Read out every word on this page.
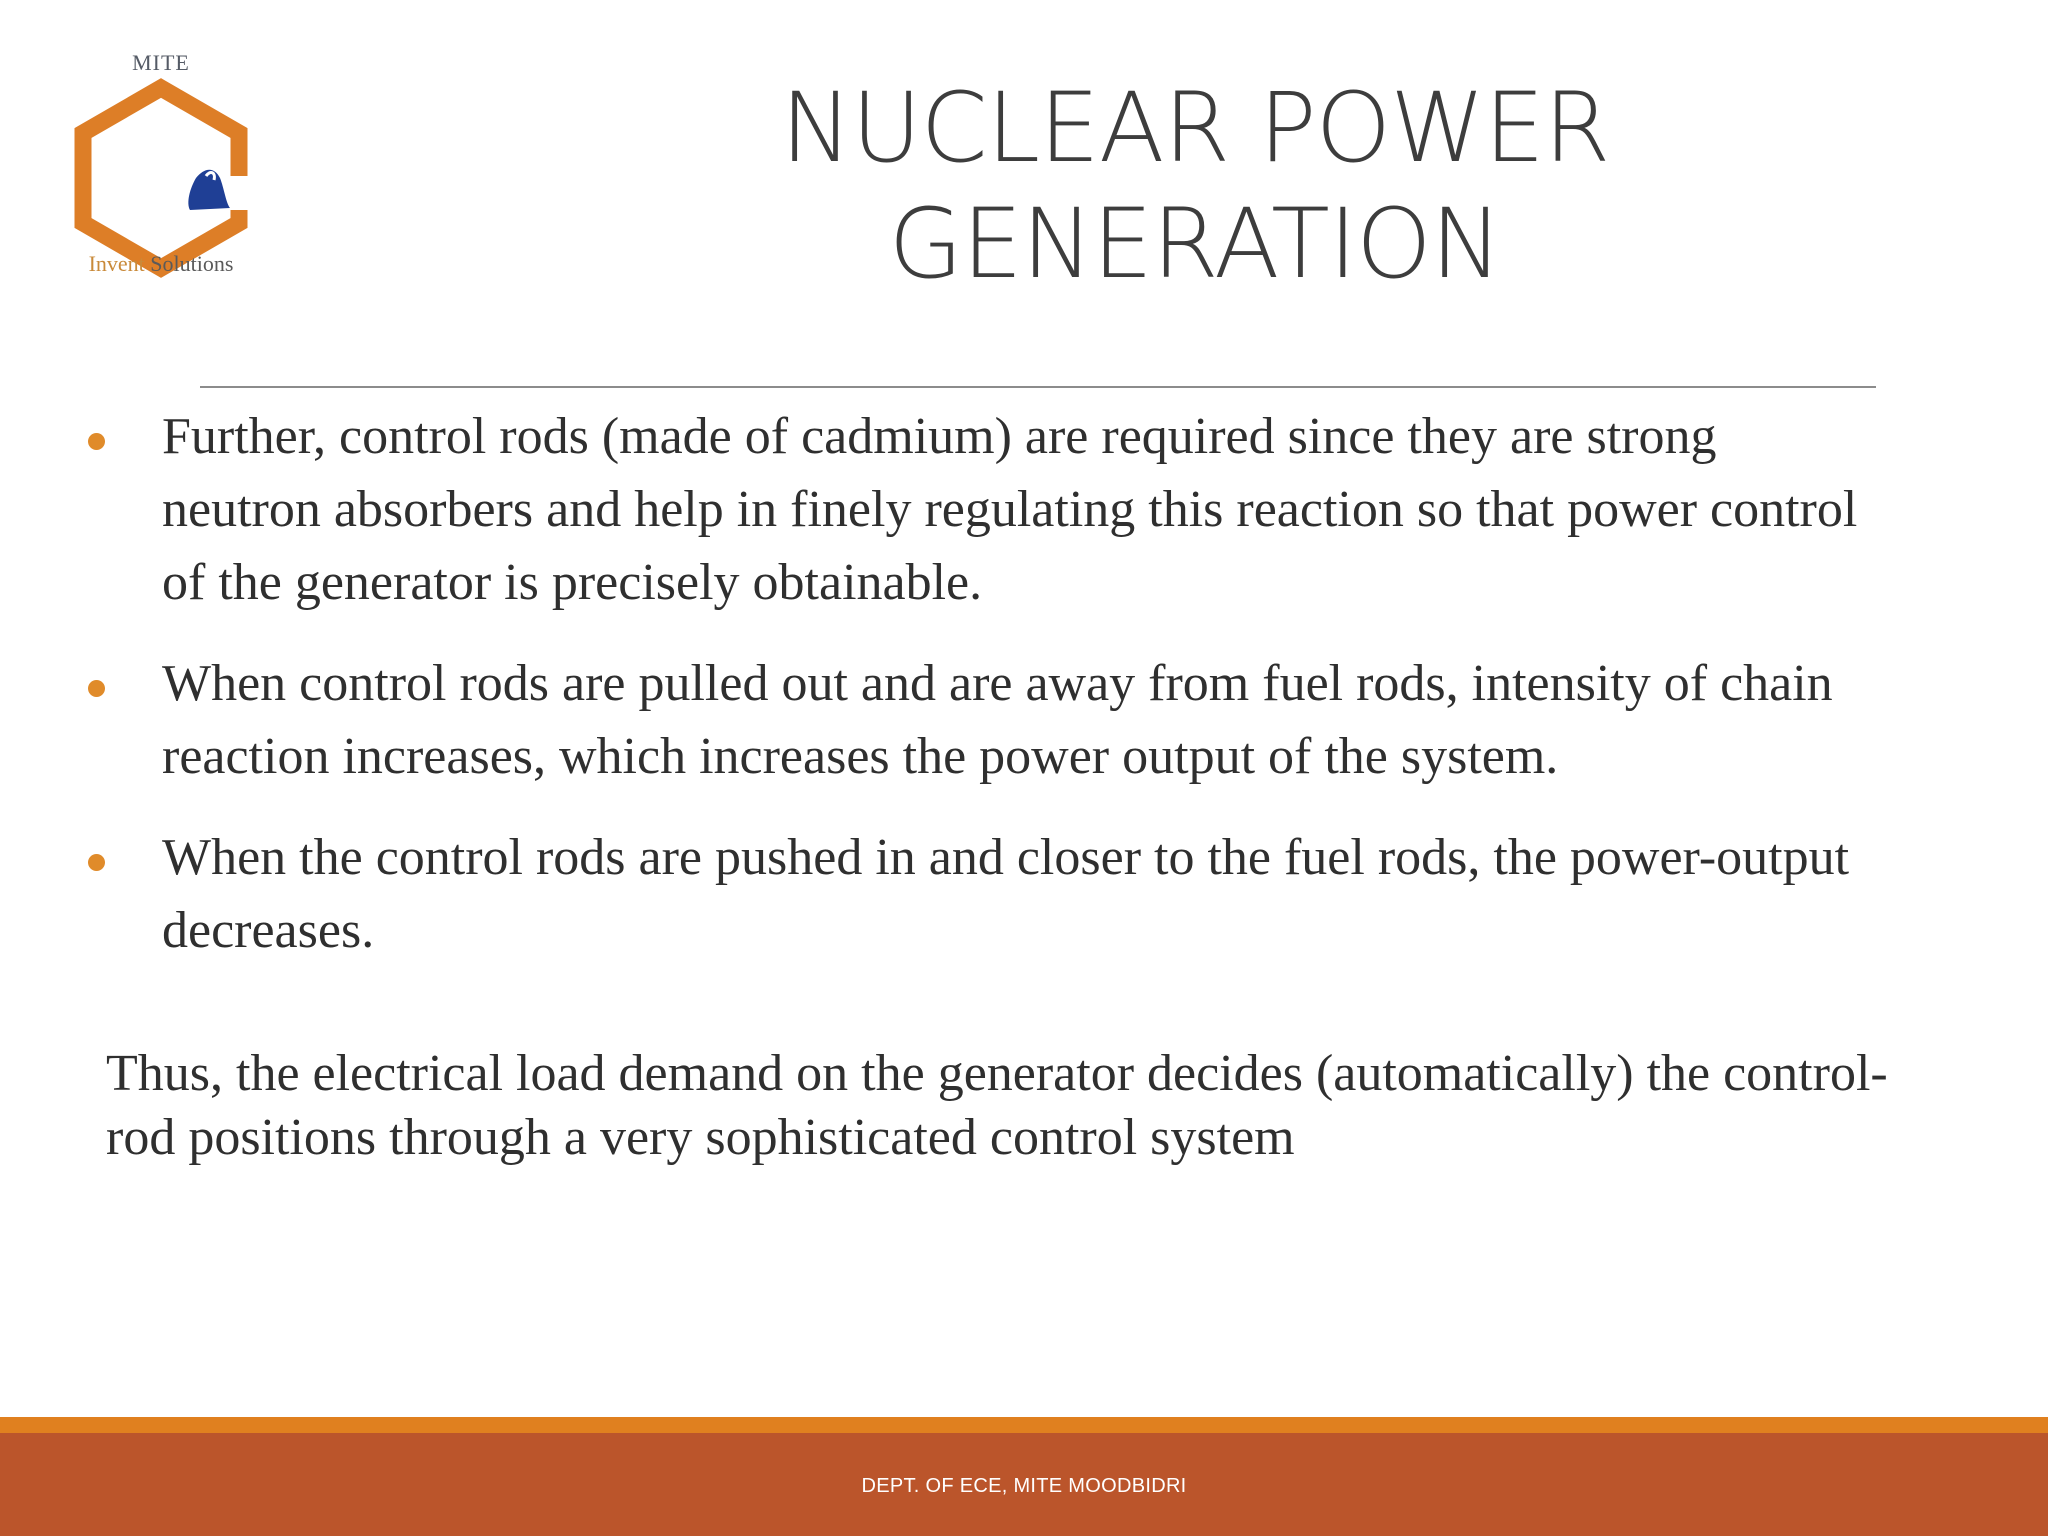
MITE
Invent Solutions
NUCLEAR POWER
GENERATION
Further, control rods (made of cadmium) are required since they are strong neutron absorbers and help in finely regulating this reaction so that power control of the generator is precisely obtainable.
When control rods are pulled out and are away from fuel rods, intensity of chain reaction increases, which increases the power output of the system.
When the control rods are pushed in and closer to the fuel rods, the power-output decreases.

Thus, the electrical load demand on the generator decides (automatically) the control-rod positions through a very sophisticated control system

DEPT. OF ECE, MITE MOODBIDRI
